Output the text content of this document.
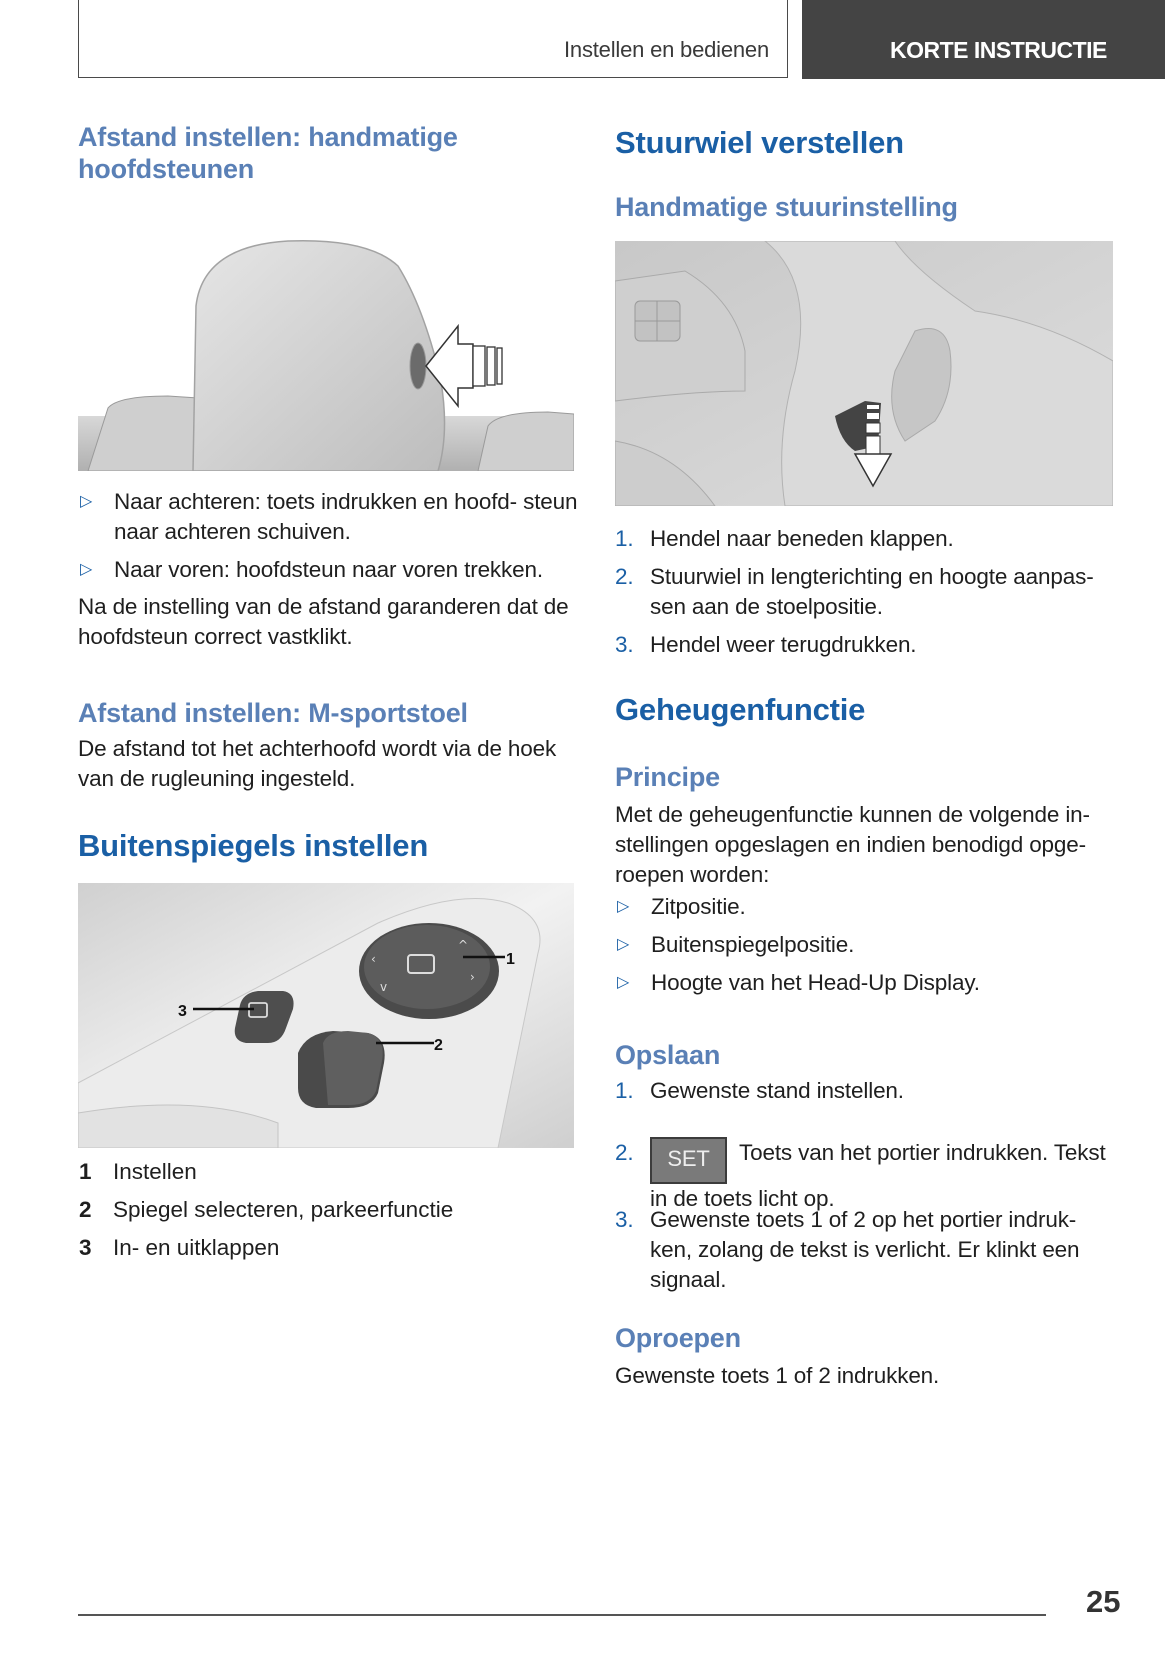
Instellen en bedienen	KORTE INSTRUCTIE
Afstand instellen: handmatige hoofdsteunen
▷ Naar achteren: toets indrukken en hoofd- steun naar achteren schuiven.
▷ Naar voren: hoofdsteun naar voren trekken.
Na de instelling van de afstand garanderen dat de hoofdsteun correct vastklikt.
Afstand instellen: M-sportstoel
De afstand tot het achterhoofd wordt via de hoek van de rugleuning ingesteld.
Buitenspiegels instellen
‹
^
›
v
1
3
2
1 Instellen
2 Spiegel selecteren, parkeerfunctie
3 In- en uitklappen
Stuurwiel verstellen
Handmatige stuurinstelling
1. Hendel naar beneden klappen.
2. Stuurwiel in lengterichting en hoogte aanpas- sen aan de stoelpositie.
3. Hendel weer terugdrukken.
Geheugenfunctie
Principe
Met de geheugenfunctie kunnen de volgende in- stellingen opgeslagen en indien benodigd opge- roepen worden:
▷ Zitpositie.
▷ Buitenspiegelpositie.
▷ Hoogte van het Head-Up Display.
Opslaan
1. Gewenste stand instellen.
2. SET Toets van het portier indrukken. Tekst in de toets licht op.
3. Gewenste toets 1 of 2 op het portier indruk- ken, zolang de tekst is verlicht. Er klinkt een signaal.
Oproepen
Gewenste toets 1 of 2 indrukken.
25
